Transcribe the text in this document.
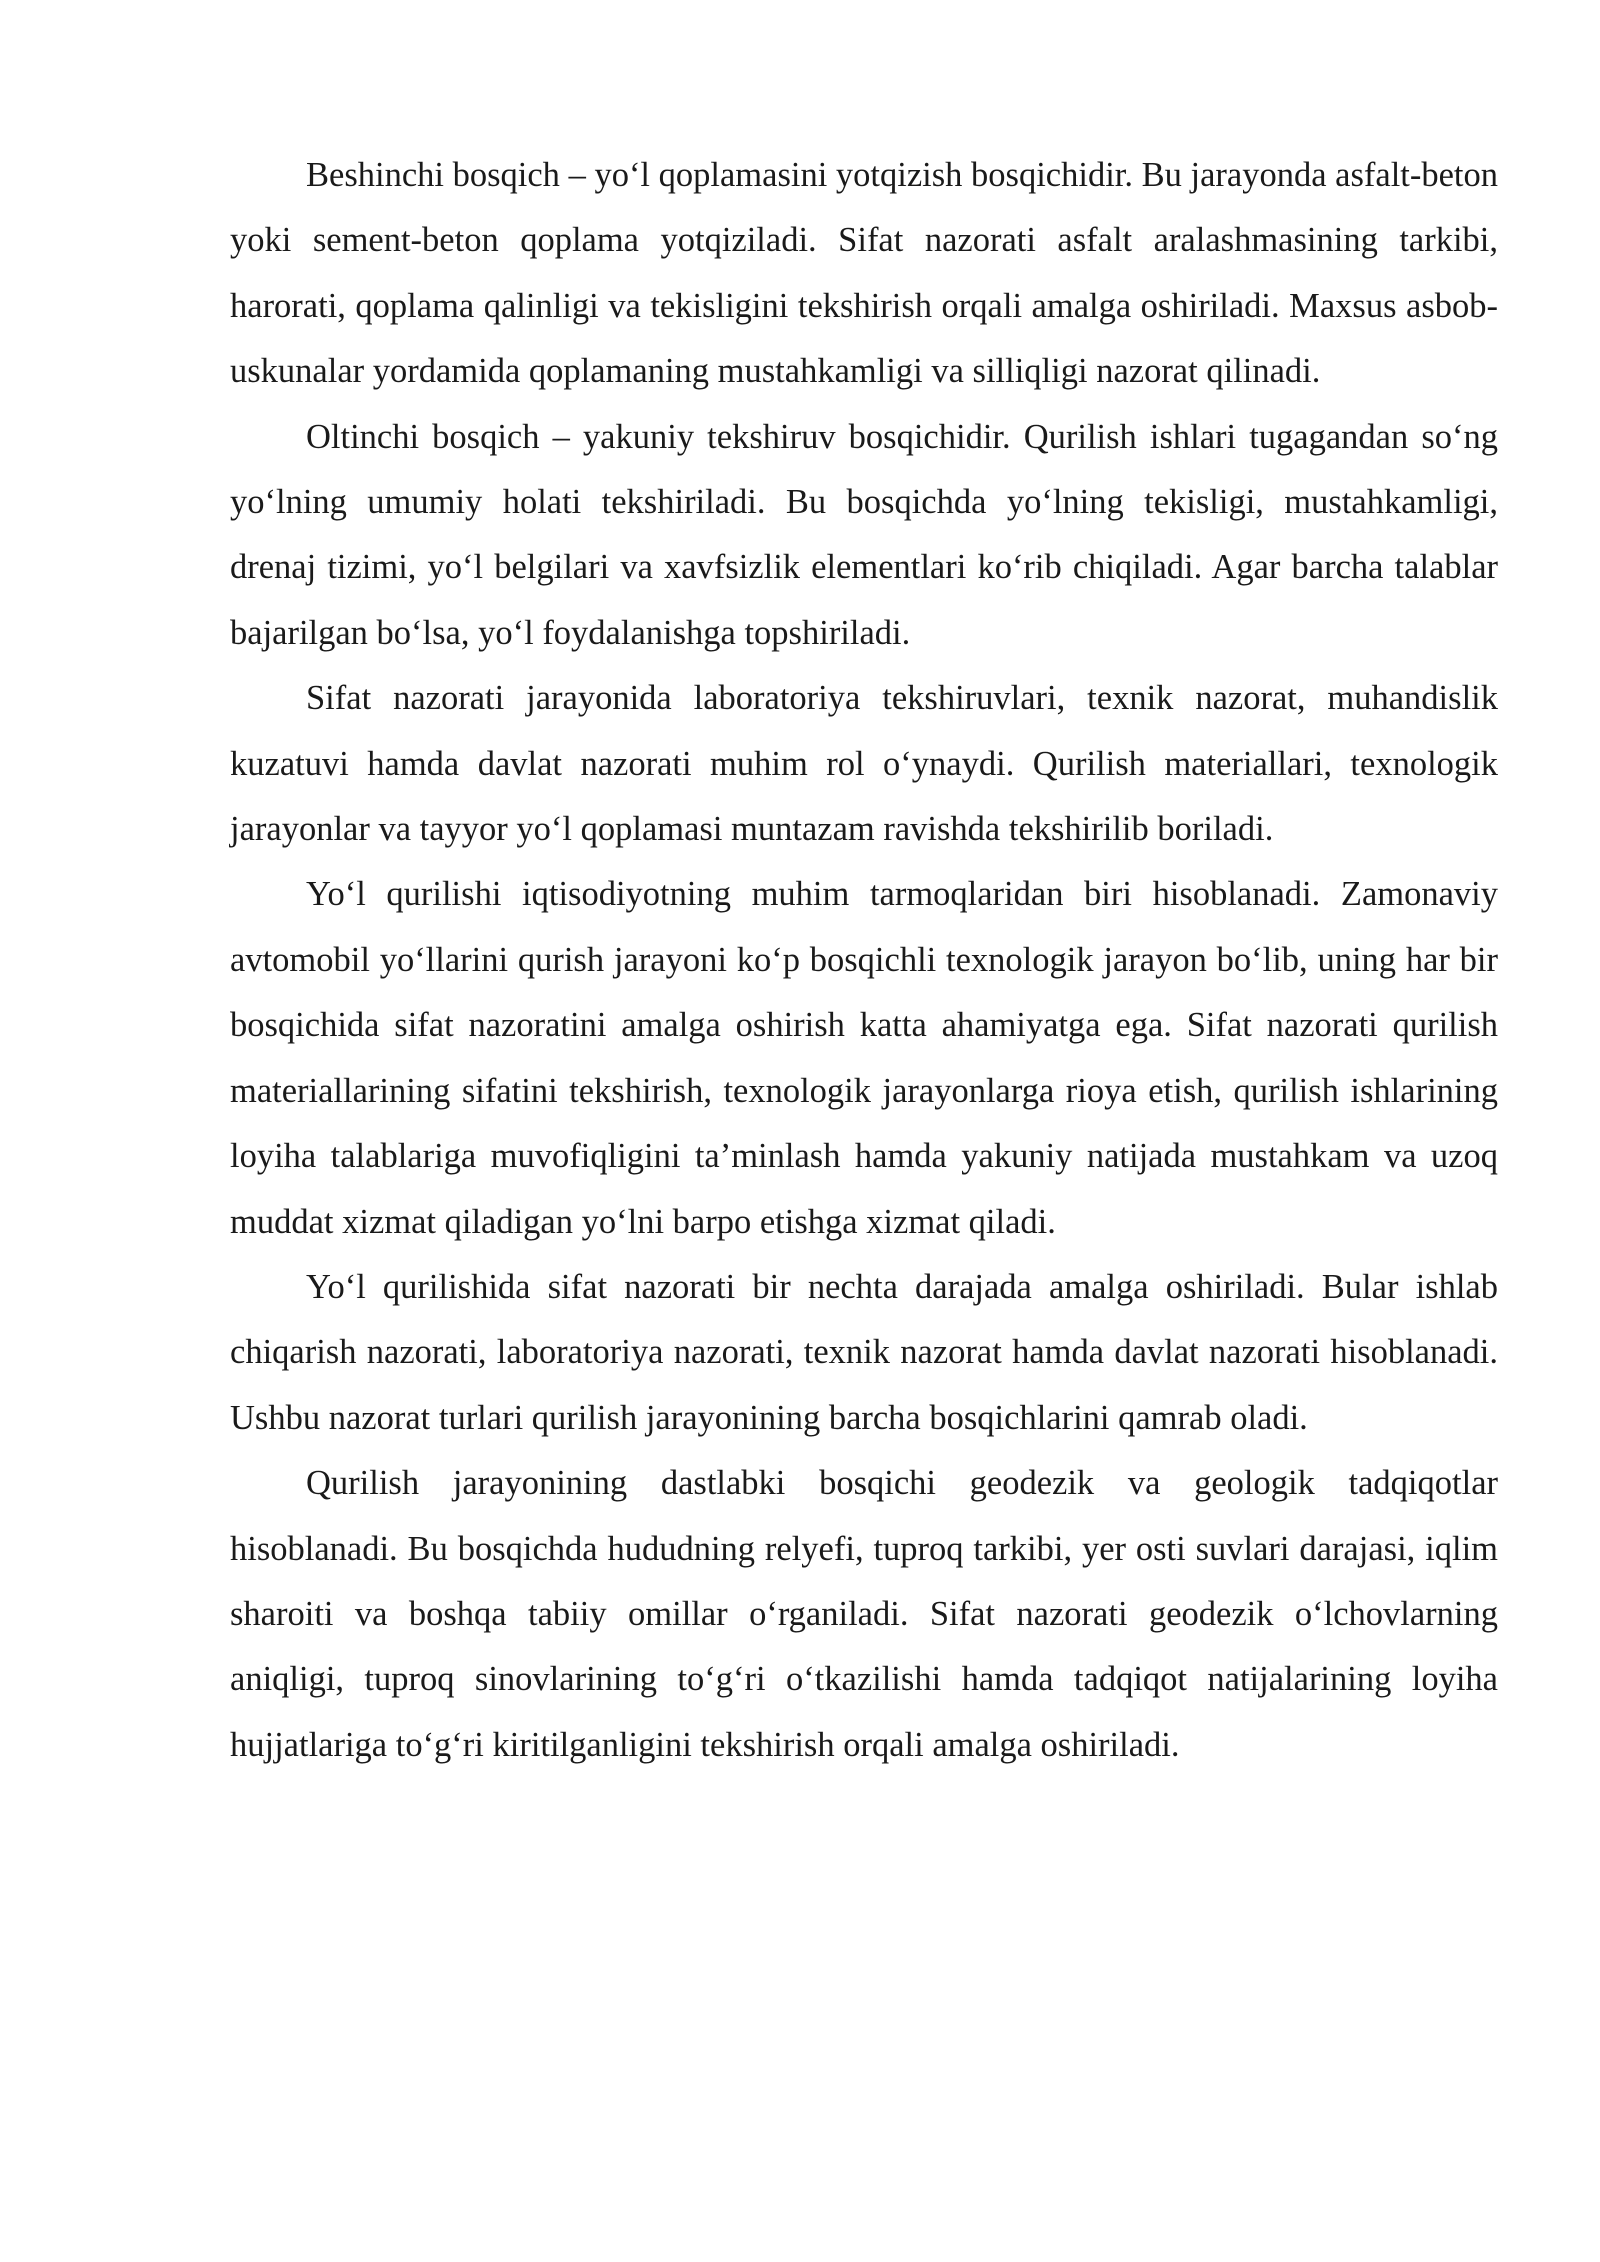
Beshinchi bosqich – yo‘l qoplamasini yotqizish bosqichidir. Bu jarayonda asfalt-beton yoki sement-beton qoplama yotqiziladi. Sifat nazorati asfalt aralashmasining tarkibi, harorati, qoplama qalinligi va tekisligini tekshirish orqali amalga oshiriladi. Maxsus asbob-uskunalar yordamida qoplamaning mustahkamligi va silliqligi nazorat qilinadi.

Oltinchi bosqich – yakuniy tekshiruv bosqichidir. Qurilish ishlari tugagandan so‘ng yo‘lning umumiy holati tekshiriladi. Bu bosqichda yo‘lning tekisligi, mustahkamligi, drenaj tizimi, yo‘l belgilari va xavfsizlik elementlari ko‘rib chiqiladi. Agar barcha talablar bajarilgan bo‘lsa, yo‘l foydalanishga topshiriladi.

Sifat nazorati jarayonida laboratoriya tekshiruvlari, texnik nazorat, muhandislik kuzatuvi hamda davlat nazorati muhim rol o‘ynaydi. Qurilish materiallari, texnologik jarayonlar va tayyor yo‘l qoplamasi muntazam ravishda tekshirilib boriladi.

Yo‘l qurilishi iqtisodiyotning muhim tarmoqlaridan biri hisoblanadi. Zamonaviy avtomobil yo‘llarini qurish jarayoni ko‘p bosqichli texnologik jarayon bo‘lib, uning har bir bosqichida sifat nazoratini amalga oshirish katta ahamiyatga ega. Sifat nazorati qurilish materiallarining sifatini tekshirish, texnologik jarayonlarga rioya etish, qurilish ishlarining loyiha talablariga muvofiqligini ta’minlash hamda yakuniy natijada mustahkam va uzoq muddat xizmat qiladigan yo‘lni barpo etishga xizmat qiladi.

Yo‘l qurilishida sifat nazorati bir nechta darajada amalga oshiriladi. Bular ishlab chiqarish nazorati, laboratoriya nazorati, texnik nazorat hamda davlat nazorati hisoblanadi. Ushbu nazorat turlari qurilish jarayonining barcha bosqichlarini qamrab oladi.

Qurilish jarayonining dastlabki bosqichi geodezik va geologik tadqiqotlar hisoblanadi. Bu bosqichda hududning relyefi, tuproq tarkibi, yer osti suvlari darajasi, iqlim sharoiti va boshqa tabiiy omillar o‘rganiladi. Sifat nazorati geodezik o‘lchovlarning aniqligi, tuproq sinovlarining to‘g‘ri o‘tkazilishi hamda tadqiqot natijalarining loyiha hujjatlariga to‘g‘ri kiritilganligini tekshirish orqali amalga oshiriladi.
